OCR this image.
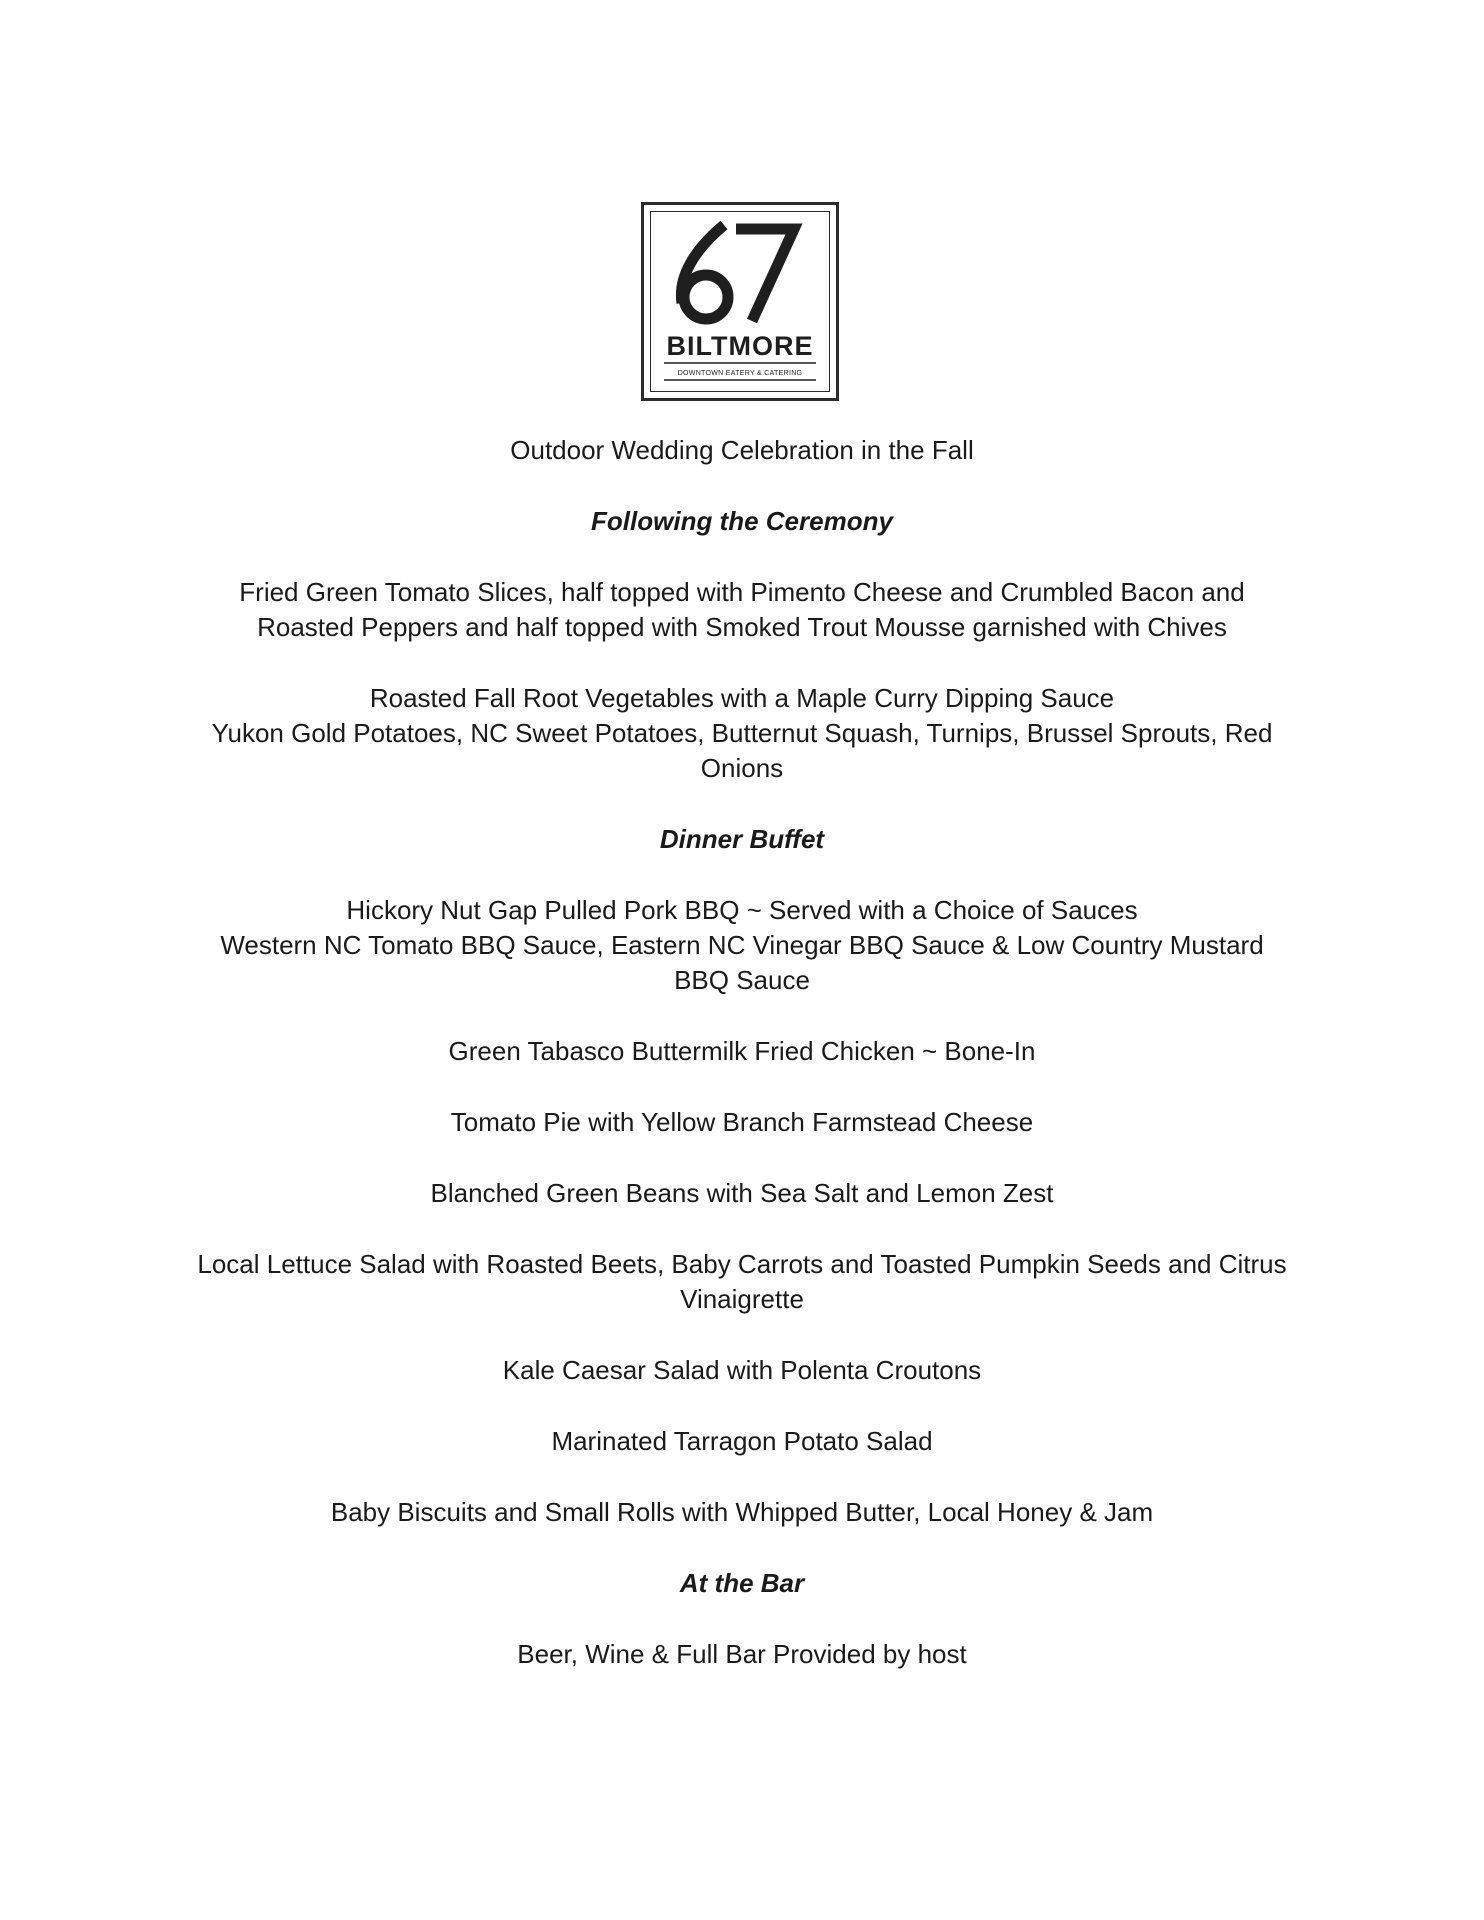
BILTMORE
DOWNTOWN EATERY & CATERING
Outdoor Wedding Celebration in the Fall
Following the Ceremony
Fried Green Tomato Slices, half topped with Pimento Cheese and Crumbled Bacon and
Roasted Peppers and half topped with Smoked Trout Mousse garnished with Chives
Roasted Fall Root Vegetables with a Maple Curry Dipping Sauce
Yukon Gold Potatoes, NC Sweet Potatoes, Butternut Squash, Turnips, Brussel Sprouts, Red
Onions
Dinner Buffet
Hickory Nut Gap Pulled Pork BBQ ~ Served with a Choice of Sauces
Western NC Tomato BBQ Sauce, Eastern NC Vinegar BBQ Sauce & Low Country Mustard
BBQ Sauce
Green Tabasco Buttermilk Fried Chicken ~ Bone-In
Tomato Pie with Yellow Branch Farmstead Cheese
Blanched Green Beans with Sea Salt and Lemon Zest
Local Lettuce Salad with Roasted Beets, Baby Carrots and Toasted Pumpkin Seeds and Citrus
Vinaigrette
Kale Caesar Salad with Polenta Croutons
Marinated Tarragon Potato Salad
Baby Biscuits and Small Rolls with Whipped Butter, Local Honey & Jam
At the Bar
Beer, Wine & Full Bar Provided by host
